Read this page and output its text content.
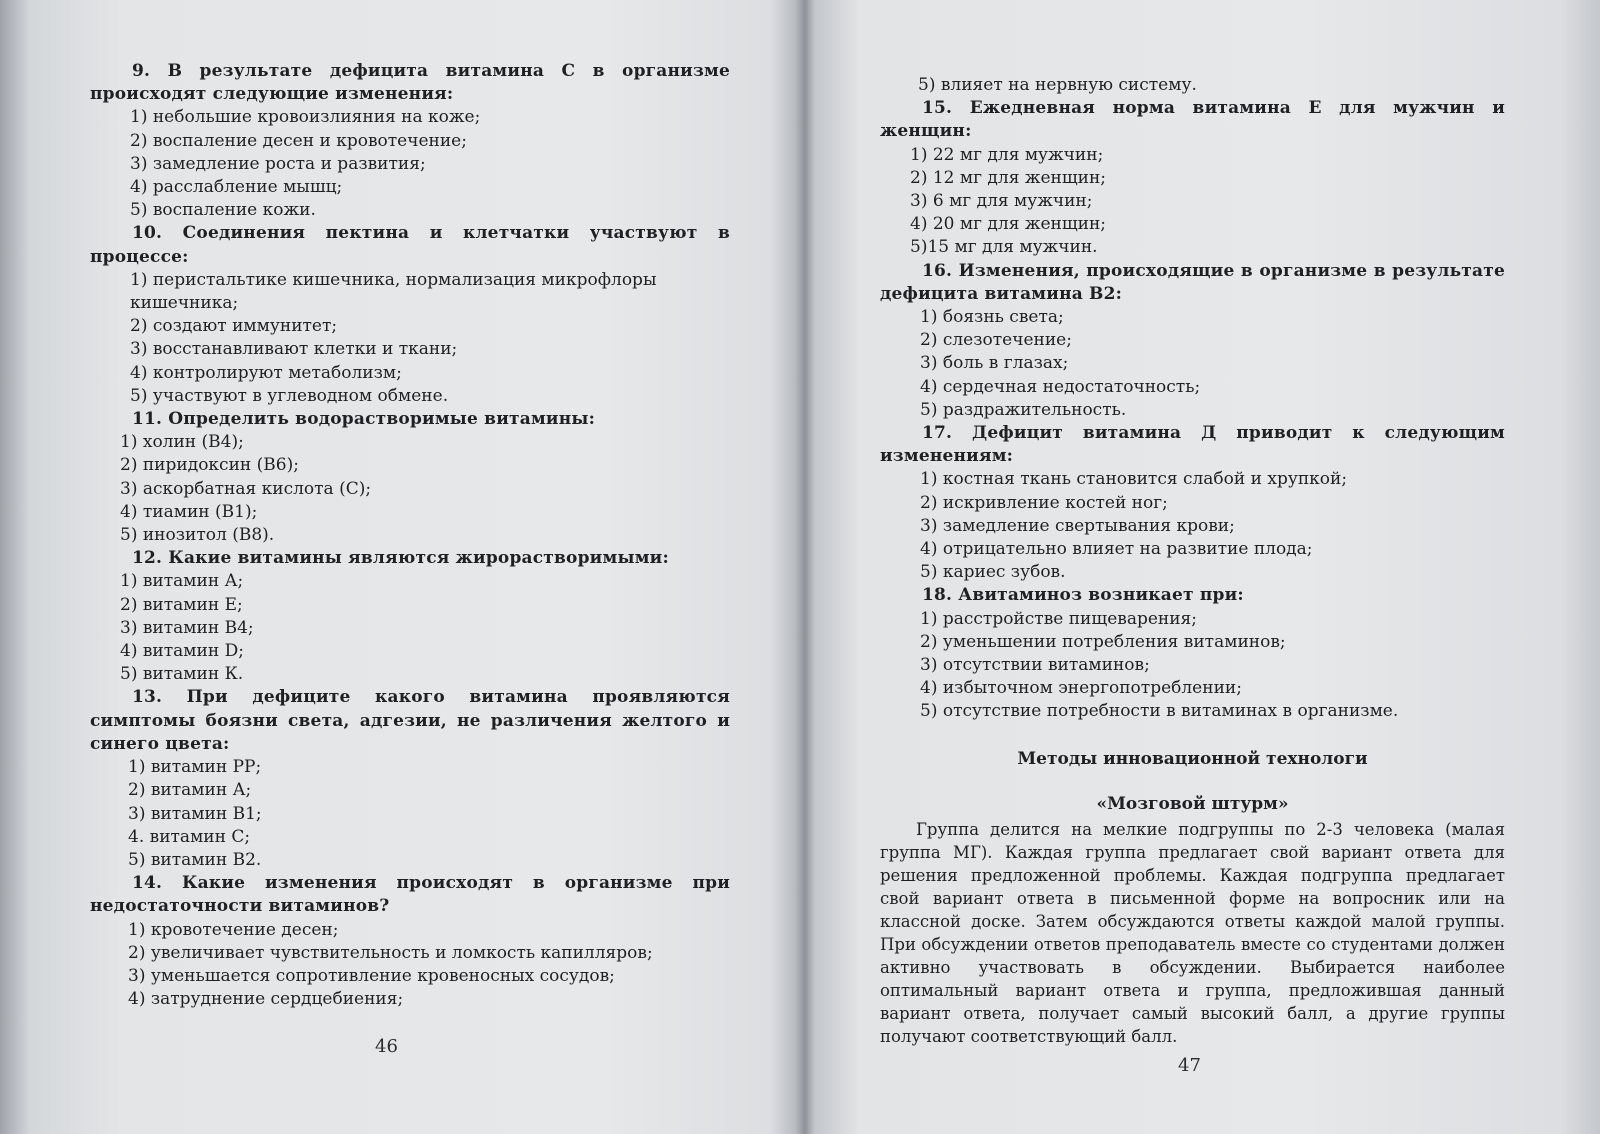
9. В результате дефицита витамина С в организме происходят следующие изменения:
1) небольшие кровоизлияния на коже;
2) воспаление десен и кровотечение;
3) замедление роста и развития;
4) расслабление мышц;
5) воспаление кожи.
10. Соединения пектина и клетчатки участвуют в процессе:
1) перистальтике кишечника, нормализация микрофлоры кишечника;
2) создают иммунитет;
3) восстанавливают клетки и ткани;
4) контролируют метаболизм;
5) участвуют в углеводном обмене.
11. Определить водорастворимые витамины:
1) холин (В4);
2) пиридоксин (В6);
3) аскорбатная кислота (С);
4) тиамин (В1);
5) инозитол (В8).
12. Какие витамины являются жирорастворимыми:
1) витамин А;
2) витамин Е;
3) витамин В4;
4) витамин D;
5) витамин К.
13. При дефиците какого витамина проявляются симптомы боязни света, адгезии, не различения желтого и синего цвета:
1) витамин РР;
2) витамин А;
3) витамин В1;
4. витамин С;
5) витамин В2.
14. Какие изменения происходят в организме при недостаточности витаминов?
1) кровотечение десен;
2) увеличивает чувствительность и ломкость капилляров;
3) уменьшается сопротивление кровеносных сосудов;
4) затруднение сердцебиения;
46
5) влияет на нервную систему.
15. Ежедневная норма витамина Е для мужчин и женщин:
1) 22 мг для мужчин;
2) 12 мг для женщин;
3) 6 мг для мужчин;
4) 20 мг для женщин;
5)15 мг для мужчин.
16. Изменения, происходящие в организме в результате дефицита витамина В2:
1) боязнь света;
2) слезотечение;
3) боль в глазах;
4) сердечная недостаточность;
5) раздражительность.
17. Дефицит витамина Д приводит к следующим изменениям:
1) костная ткань становится слабой и хрупкой;
2) искривление костей ног;
3) замедление свертывания крови;
4) отрицательно влияет на развитие плода;
5) кариес зубов.
18. Авитаминоз возникает при:
1) расстройстве пищеварения;
2) уменьшении потребления витаминов;
3) отсутствии витаминов;
4) избыточном энергопотреблении;
5) отсутствие потребности в витаминах в организме.
Методы инновационной технологи
«Мозговой штурм»
Группа делится на мелкие подгруппы по 2-3 человека (малая группа МГ). Каждая группа предлагает свой вариант ответа для решения предложенной проблемы. Каждая подгруппа предлагает свой вариант ответа в письменной форме на вопросник или на классной доске. Затем обсуждаются ответы каждой малой группы. При обсуждении ответов преподаватель вместе со студентами должен активно участвовать в обсуждении. Выбирается наиболее оптимальный вариант ответа и группа, предложившая данный вариант ответа, получает самый высокий балл, а другие группы получают соответствующий балл.
47
